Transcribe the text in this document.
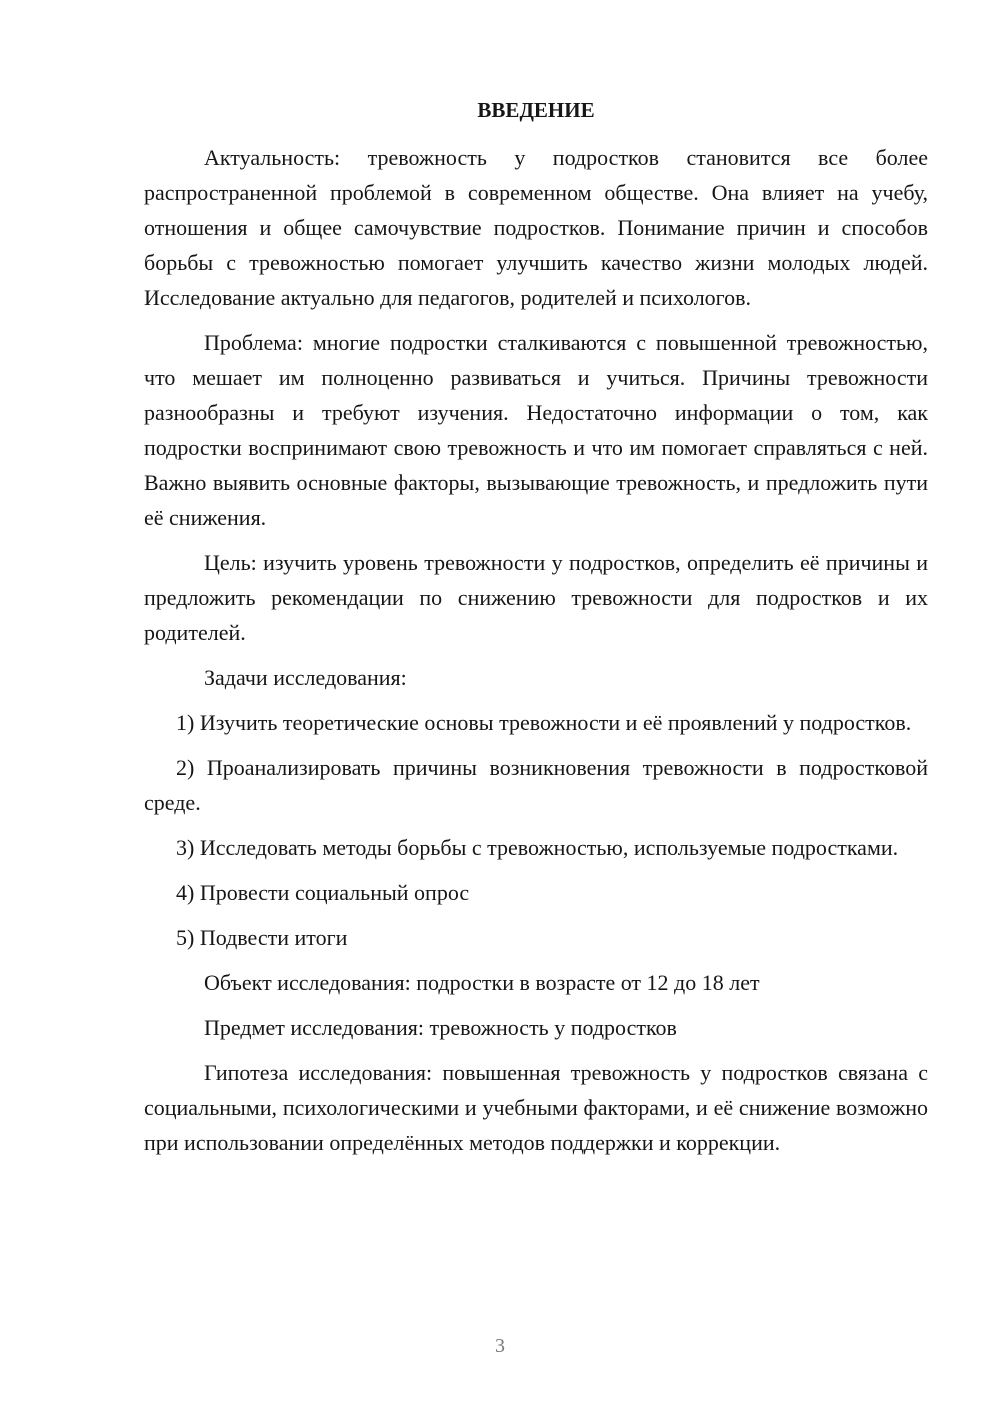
ВВЕДЕНИЕ

Актуальность: тревожность у подростков становится все более распространенной проблемой в современном обществе. Она влияет на учебу, отношения и общее самочувствие подростков. Понимание причин и способов борьбы с тревожностью помогает улучшить качество жизни молодых людей. Исследование актуально для педагогов, родителей и психологов.

Проблема: многие подростки сталкиваются с повышенной тревожностью, что мешает им полноценно развиваться и учиться. Причины тревожности разнообразны и требуют изучения. Недостаточно информации о том, как подростки воспринимают свою тревожность и что им помогает справляться с ней. Важно выявить основные факторы, вызывающие тревожность, и предложить пути её снижения.

Цель: изучить уровень тревожности у подростков, определить её причины и предложить рекомендации по снижению тревожности для подростков и их родителей.

Задачи исследования:

1) Изучить теоретические основы тревожности и её проявлений у подростков.

2) Проанализировать причины возникновения тревожности в подростковой среде.

3) Исследовать методы борьбы с тревожностью, используемые подростками.

4) Провести социальный опрос

5) Подвести итоги

Объект исследования: подростки в возрасте от 12 до 18 лет

Предмет исследования: тревожность у подростков

Гипотеза исследования: повышенная тревожность у подростков связана с социальными, психологическими и учебными факторами, и её снижение возможно при использовании определённых методов поддержки и коррекции.

3
